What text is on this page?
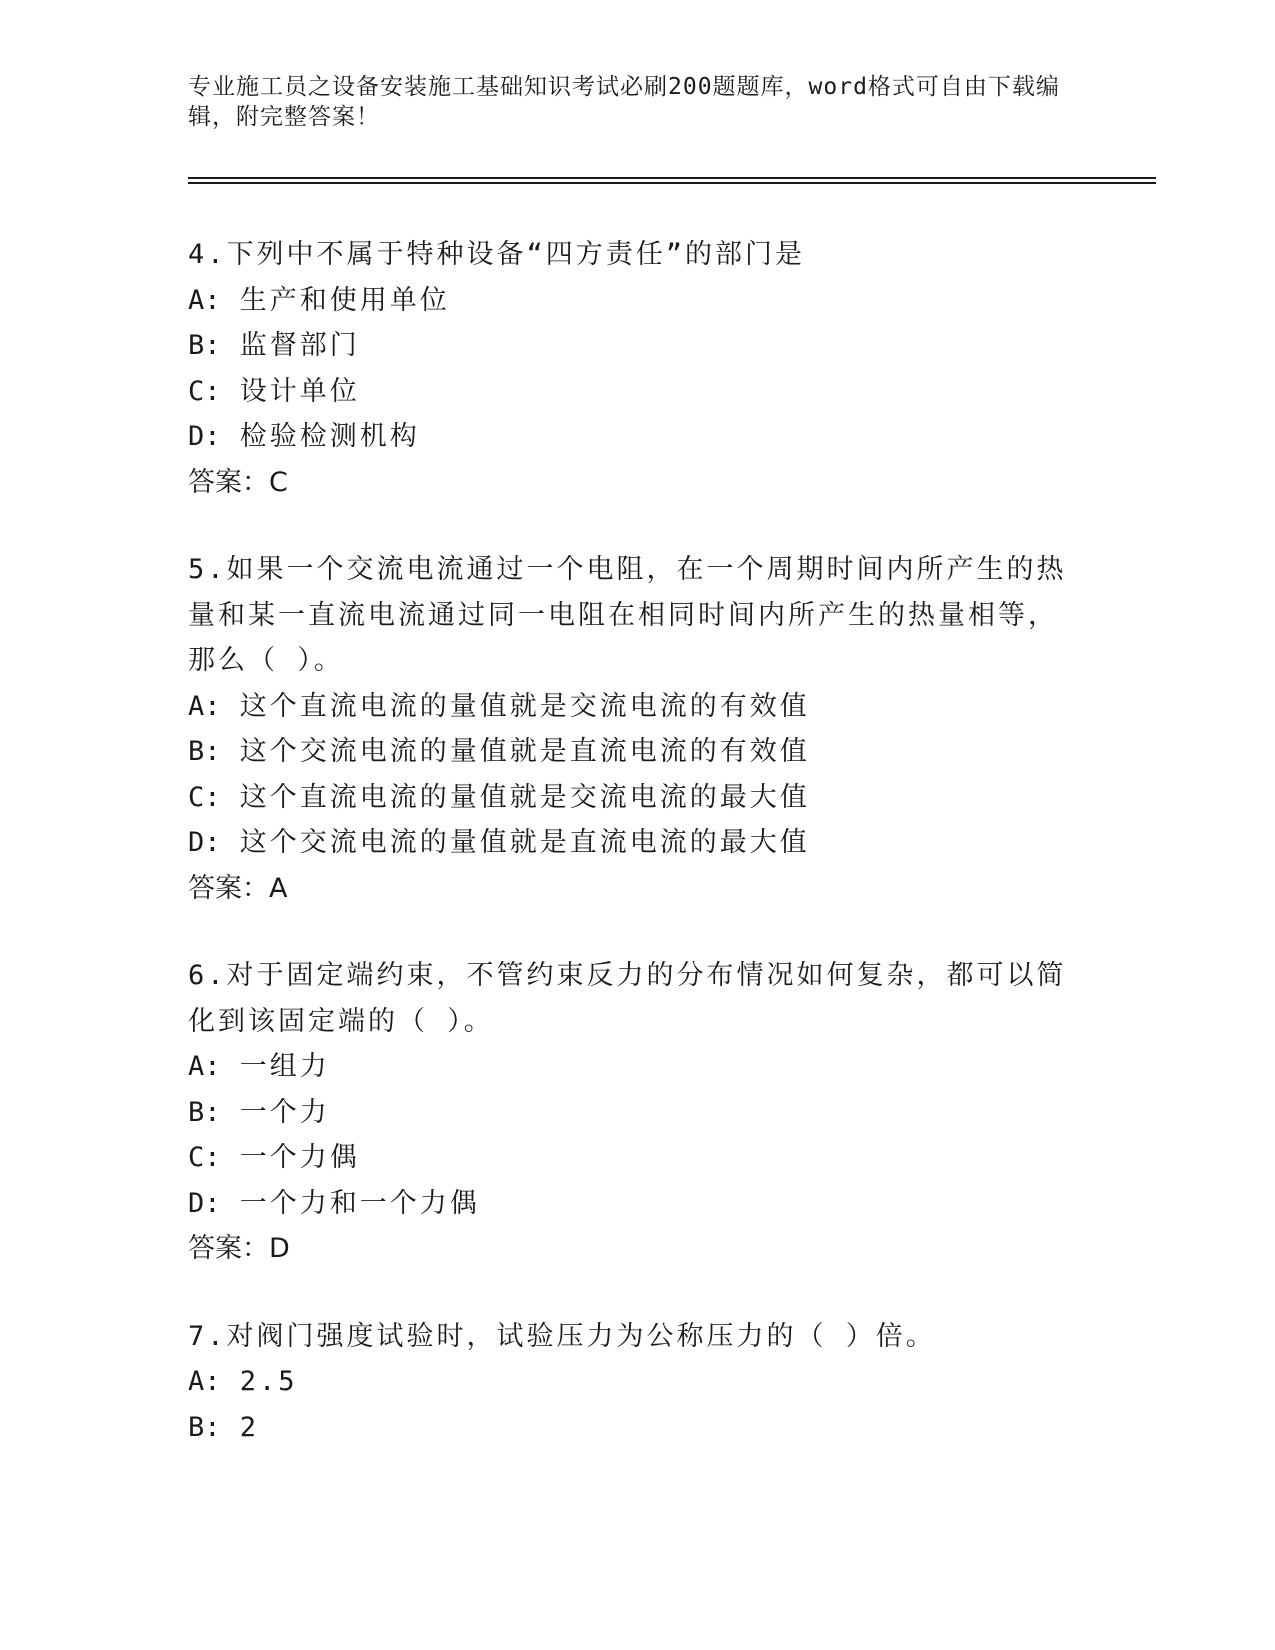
专业施工员之设备安装施工基础知识考试必刷200题题库，word格式可自由下载编辑，附完整答案！

4.下列中不属于特种设备“四方责任”的部门是

A: 生产和使用单位

B: 监督部门

C: 设计单位

D: 检验检测机构

答案：C

5.如果一个交流电流通过一个电阻，在一个周期时间内所产生的热量和某一直流电流通过同一电阻在相同时间内所产生的热量相等，那么（ ）。

A: 这个直流电流的量值就是交流电流的有效值

B: 这个交流电流的量值就是直流电流的有效值

C: 这个直流电流的量值就是交流电流的最大值

D: 这个交流电流的量值就是直流电流的最大值

答案：A

6.对于固定端约束，不管约束反力的分布情况如何复杂，都可以简化到该固定端的（ ）。

A: 一组力

B: 一个力

C: 一个力偶

D: 一个力和一个力偶

答案：D

7.对阀门强度试验时，试验压力为公称压力的（ ）倍。

A: 2.5

B: 2
